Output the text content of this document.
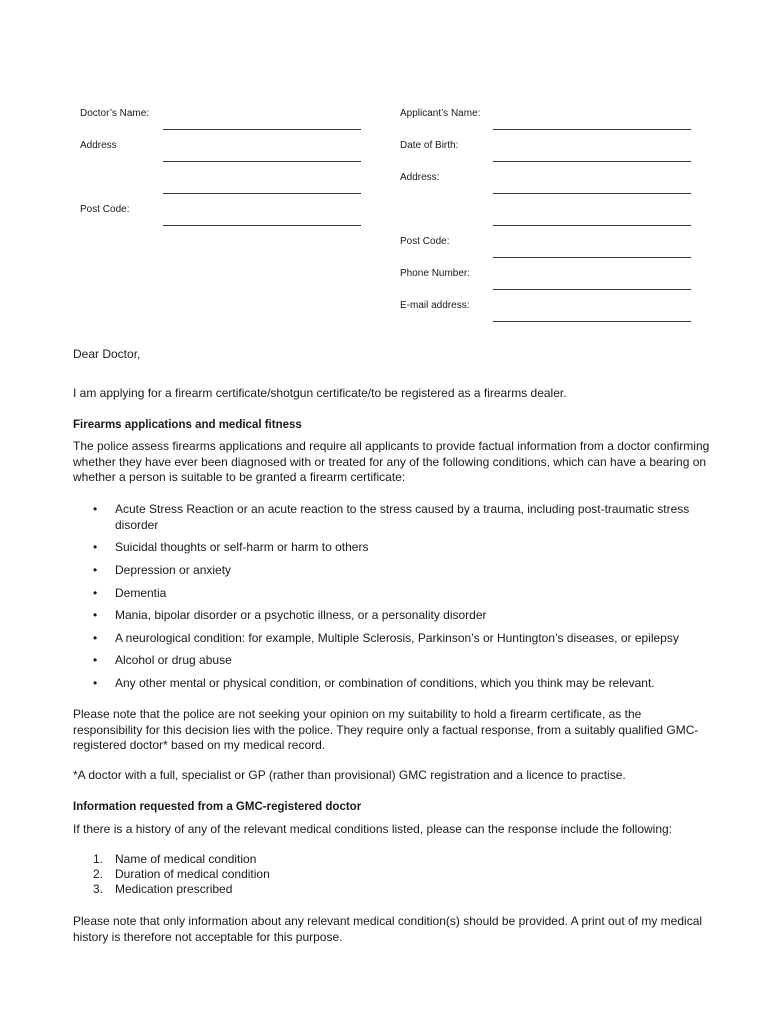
Doctor’s Name:
Address
Post Code:
Applicant’s Name:
Date of Birth:
Address:
Post Code:
Phone Number:
E-mail address:
Dear Doctor,
I am applying for a firearm certificate/shotgun certificate/to be registered as a firearms dealer.
Firearms applications and medical fitness
The police assess firearms applications and require all applicants to provide factual information from a doctor confirming whether they have ever been diagnosed with or treated for any of the following conditions, which can have a bearing on whether a person is suitable to be granted a firearm certificate:
• Acute Stress Reaction or an acute reaction to the stress caused by a trauma, including post-traumatic stress disorder
• Suicidal thoughts or self-harm or harm to others
• Depression or anxiety
• Dementia
• Mania, bipolar disorder or a psychotic illness, or a personality disorder
• A neurological condition: for example, Multiple Sclerosis, Parkinson’s or Huntington’s diseases, or epilepsy
• Alcohol or drug abuse
• Any other mental or physical condition, or combination of conditions, which you think may be relevant.
Please note that the police are not seeking your opinion on my suitability to hold a firearm certificate, as the responsibility for this decision lies with the police. They require only a factual response, from a suitably qualified GMC-registered doctor* based on my medical record.
*A doctor with a full, specialist or GP (rather than provisional) GMC registration and a licence to practise.
Information requested from a GMC-registered doctor
If there is a history of any of the relevant medical conditions listed, please can the response include the following:
1. Name of medical condition
2. Duration of medical condition
3. Medication prescribed
Please note that only information about any relevant medical condition(s) should be provided. A print out of my medical history is therefore not acceptable for this purpose.
